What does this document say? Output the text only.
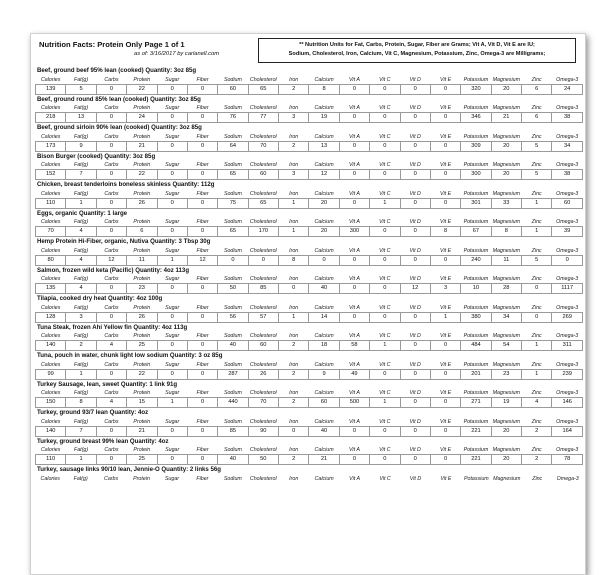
Nutrition Facts: Protein Only Page 1 of 1
as of: 3/16/2017 by carlanell.com
** Nutrition Units for Fat, Carbs, Protein, Sugar, Fiber are Grams; Vit A, Vit D, Vit E are IU;
Sodium, Cholesterol, Iron, Calcium, Vit C, Magnesium, Potassium, Zinc, Omega-3 are Milligrams;
Beef, ground beef 95% lean (cooked) Quantity: 3oz 85g
Calories	Fat(g)	Carbs	Protein	Sugar	Fiber	Sodium	Cholesterol	Iron	Calcium	Vit A	Vit C	Vit D	Vit E	Potassium	Magnesium	Zinc	Omega-3
139	5	0	22	0	0	60	65	2	8	0	0	0	0	320	20	6	24
Beef, ground round 85% lean (cooked) Quantity: 3oz 85g
Calories	Fat(g)	Carbs	Protein	Sugar	Fiber	Sodium	Cholesterol	Iron	Calcium	Vit A	Vit C	Vit D	Vit E	Potassium	Magnesium	Zinc	Omega-3
218	13	0	24	0	0	76	77	3	19	0	0	0	0	346	21	6	38
Beef, ground sirloin 90% lean (cooked) Quantity: 3oz 85g
Calories	Fat(g)	Carbs	Protein	Sugar	Fiber	Sodium	Cholesterol	Iron	Calcium	Vit A	Vit C	Vit D	Vit E	Potassium	Magnesium	Zinc	Omega-3
173	9	0	21	0	0	64	70	2	13	0	0	0	0	309	20	5	34
Bison Burger (cooked) Quantity: 3oz 85g
Calories	Fat(g)	Carbs	Protein	Sugar	Fiber	Sodium	Cholesterol	Iron	Calcium	Vit A	Vit C	Vit D	Vit E	Potassium	Magnesium	Zinc	Omega-3
152	7	0	22	0	0	65	60	3	12	0	0	0	0	300	20	5	38
Chicken, breast tenderloins boneless skinless Quantity: 112g
Calories	Fat(g)	Carbs	Protein	Sugar	Fiber	Sodium	Cholesterol	Iron	Calcium	Vit A	Vit C	Vit D	Vit E	Potassium	Magnesium	Zinc	Omega-3
110	1	0	26	0	0	75	65	1	20	0	1	0	0	301	33	1	60
Eggs, organic Quantity: 1 large
Calories	Fat(g)	Carbs	Protein	Sugar	Fiber	Sodium	Cholesterol	Iron	Calcium	Vit A	Vit C	Vit D	Vit E	Potassium	Magnesium	Zinc	Omega-3
70	4	0	6	0	0	65	170	1	20	300	0	0	8	67	8	1	39
Hemp Protein Hi-Fiber, organic, Nutiva Quantity: 3 Tbsp 30g
Calories	Fat(g)	Carbs	Protein	Sugar	Fiber	Sodium	Cholesterol	Iron	Calcium	Vit A	Vit C	Vit D	Vit E	Potassium	Magnesium	Zinc	Omega-3
80	4	12	11	1	12	0	0	8	0	0	0	0	0	240	11	5	0
Salmon, frozen wild keta (Pacific) Quantity: 4oz 113g
Calories	Fat(g)	Carbs	Protein	Sugar	Fiber	Sodium	Cholesterol	Iron	Calcium	Vit A	Vit C	Vit D	Vit E	Potassium	Magnesium	Zinc	Omega-3
135	4	0	23	0	0	50	85	0	40	0	0	12	3	10	28	0	1117
Tilapia, cooked dry heat Quantity: 4oz 100g
Calories	Fat(g)	Carbs	Protein	Sugar	Fiber	Sodium	Cholesterol	Iron	Calcium	Vit A	Vit C	Vit D	Vit E	Potassium	Magnesium	Zinc	Omega-3
128	3	0	26	0	0	56	57	1	14	0	0	0	1	380	34	0	269
Tuna Steak, frozen Ahi Yellow fin Quantity: 4oz 113g
Calories	Fat(g)	Carbs	Protein	Sugar	Fiber	Sodium	Cholesterol	Iron	Calcium	Vit A	Vit C	Vit D	Vit E	Potassium	Magnesium	Zinc	Omega-3
140	2	4	25	0	0	40	60	2	18	58	1	0	0	484	54	1	311
Tuna, pouch in water, chunk light low sodium Quantity: 3 oz 85g
Calories	Fat(g)	Carbs	Protein	Sugar	Fiber	Sodium	Cholesterol	Iron	Calcium	Vit A	Vit C	Vit D	Vit E	Potassium	Magnesium	Zinc	Omega-3
99	1	0	22	0	0	287	26	2	9	49	0	0	0	201	23	1	239
Turkey Sausage, lean, sweet Quantity: 1 link 91g
Calories	Fat(g)	Carbs	Protein	Sugar	Fiber	Sodium	Cholesterol	Iron	Calcium	Vit A	Vit C	Vit D	Vit E	Potassium	Magnesium	Zinc	Omega-3
150	8	4	15	1	0	440	70	2	60	500	1	0	0	271	19	4	146
Turkey, ground 93/7 lean Quantity: 4oz
Calories	Fat(g)	Carbs	Protein	Sugar	Fiber	Sodium	Cholesterol	Iron	Calcium	Vit A	Vit C	Vit D	Vit E	Potassium	Magnesium	Zinc	Omega-3
140	7	0	21	0	0	85	90	0	40	0	0	0	0	221	20	2	164
Turkey, ground breast 99% lean Quantity: 4oz
Calories	Fat(g)	Carbs	Protein	Sugar	Fiber	Sodium	Cholesterol	Iron	Calcium	Vit A	Vit C	Vit D	Vit E	Potassium	Magnesium	Zinc	Omega-3
110	1	0	25	0	0	40	50	2	21	0	0	0	0	221	20	2	78
Turkey, sausage links 90/10 lean, Jennie-O Quantity: 2 links 56g
Calories	Fat(g)	Carbs	Protein	Sugar	Fiber	Sodium	Cholesterol	Iron	Calcium	Vit A	Vit C	Vit D	Vit E	Potassium	Magnesium	Zinc	Omega-3
